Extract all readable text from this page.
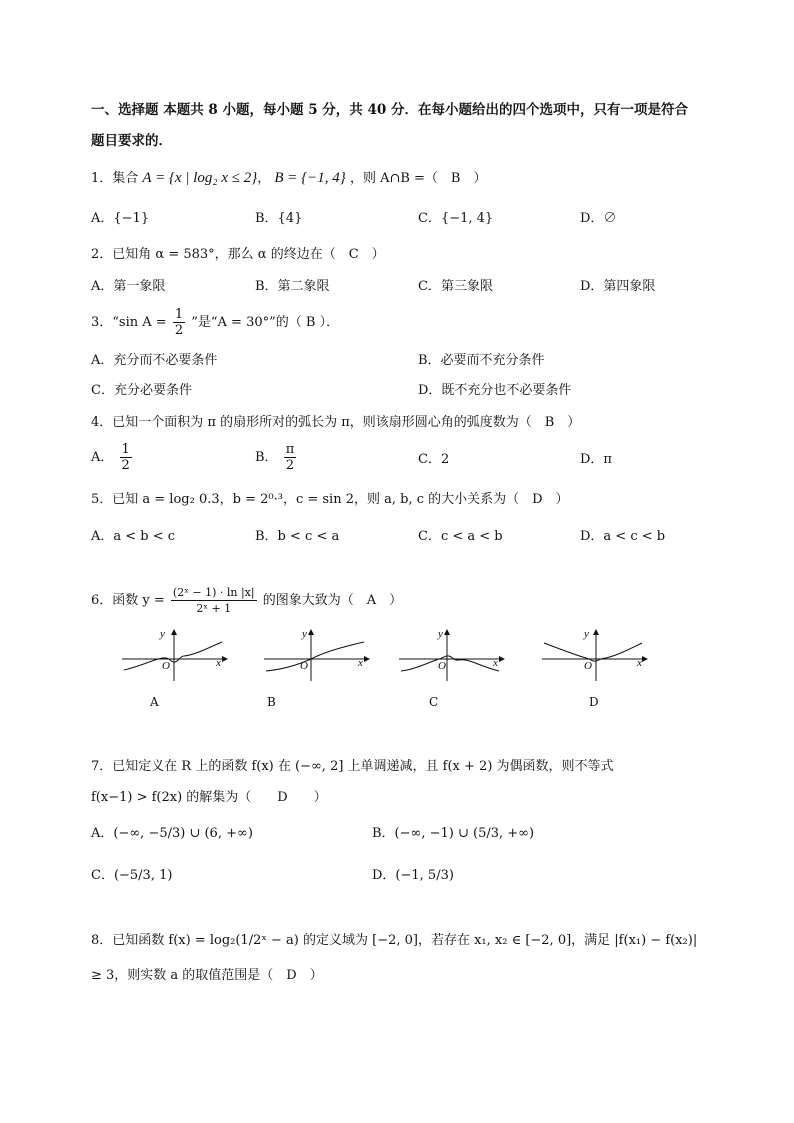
一、选择题 本题共 8 小题，每小题 5 分，共 40 分．在每小题给出的四个选项中，只有一项是符合
题目要求的．
1．集合 A = {x | log₂ x ≤ 2}， B = {−1, 4} ，则 A∩B =（　B　）
A．{−1}	B．{4}	C．{−1, 4}	D．∅
2．已知角 α = 583°，那么 α 的终边在（　C　）
A．第一象限	B．第二象限	C．第三象限	D．第四象限
3．“sin $A = \frac{1}{2}$ ”是“A = 30°”的（ B ）．
A．充分而不必要条件	B．必要而不充分条件
C．充分必要条件	D．既不充分也不必要条件
4．已知一个面积为 π 的扇形所对的弧长为 π，则该扇形圆心角的弧度数为（　B　）
A． $\frac{1}{2}$	B． $\frac{\pi}{2}$	C．2	D．π
5．已知 a = log₂ 0.3，b = 2⁰·³，c = sin 2，则 a, b, c 的大小关系为（　D　）
A．a < b < c	B．b < c < a	C．c < a < b	D．a < c < b
6．函数 $y = \frac{\text{(2ˣ − 1) · ln |x|}}{\text{2ˣ + 1}}$ 的图象大致为（　A　）
y
x
O
y
x
O
y
x
O
y
x
O
A	B	C	D
7．已知定义在 R 上的函数 f(x) 在 (−∞, 2] 上单调递减，且 f(x + 2) 为偶函数，则不等式
f(x−1) > f(2x) 的解集为（　　D　　）
A．(−∞, −5/3) ∪ (6, +∞)	B．(−∞, −1) ∪ (5/3, +∞)
C．(−5/3, 1)	D．(−1, 5/3)
8．已知函数 f(x) = log₂(1/2ˣ − a) 的定义域为 [−2, 0]，若存在 x₁, x₂ ∈ [−2, 0]，满足 |f(x₁) − f(x₂)|
≥ 3，则实数 a 的取值范围是（　D　）
